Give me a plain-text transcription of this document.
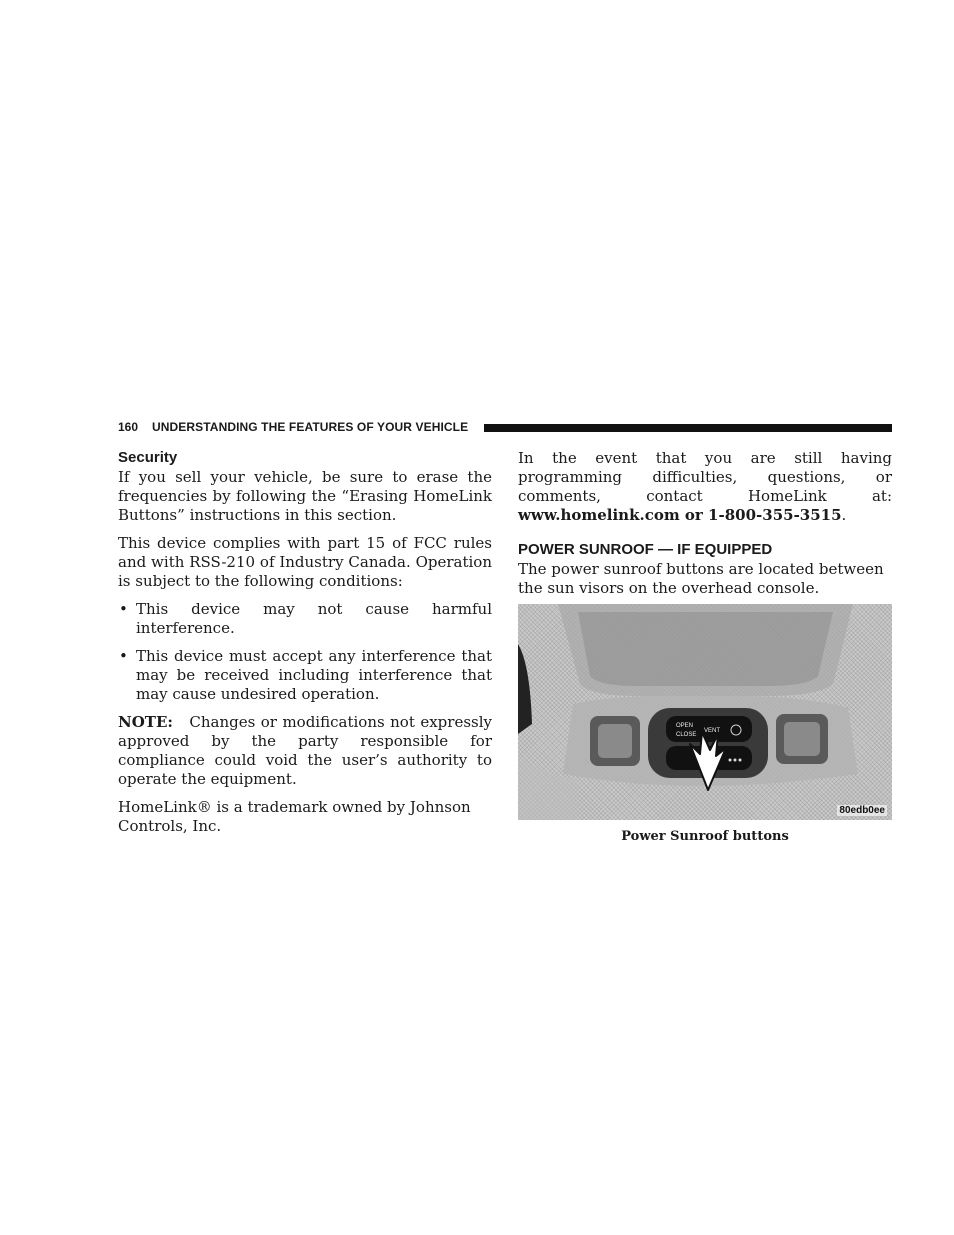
160 UNDERSTANDING THE FEATURES OF YOUR VEHICLE
Security

If you sell your vehicle, be sure to erase the frequencies by following the “Erasing HomeLink Buttons” instructions in this section.

This device complies with part 15 of FCC rules and with RSS-210 of Industry Canada. Operation is subject to the following conditions:

• This device may not cause harmful interference.
• This device must accept any interference that may be received including interference that may cause undesired operation.

NOTE: Changes or modifications not expressly approved by the party responsible for compliance could void the user’s authority to operate the equipment.

HomeLink® is a trademark owned by Johnson Controls, Inc.

In the event that you are still having programming difficulties, questions, or comments, contact HomeLink at: www.homelink.com or 1-800-355-3515.

POWER SUNROOF — IF EQUIPPED

The power sunroof buttons are located between the sun visors on the overhead console.

OPEN
CLOSE
VENT
80edb0ee
Power Sunroof buttons
